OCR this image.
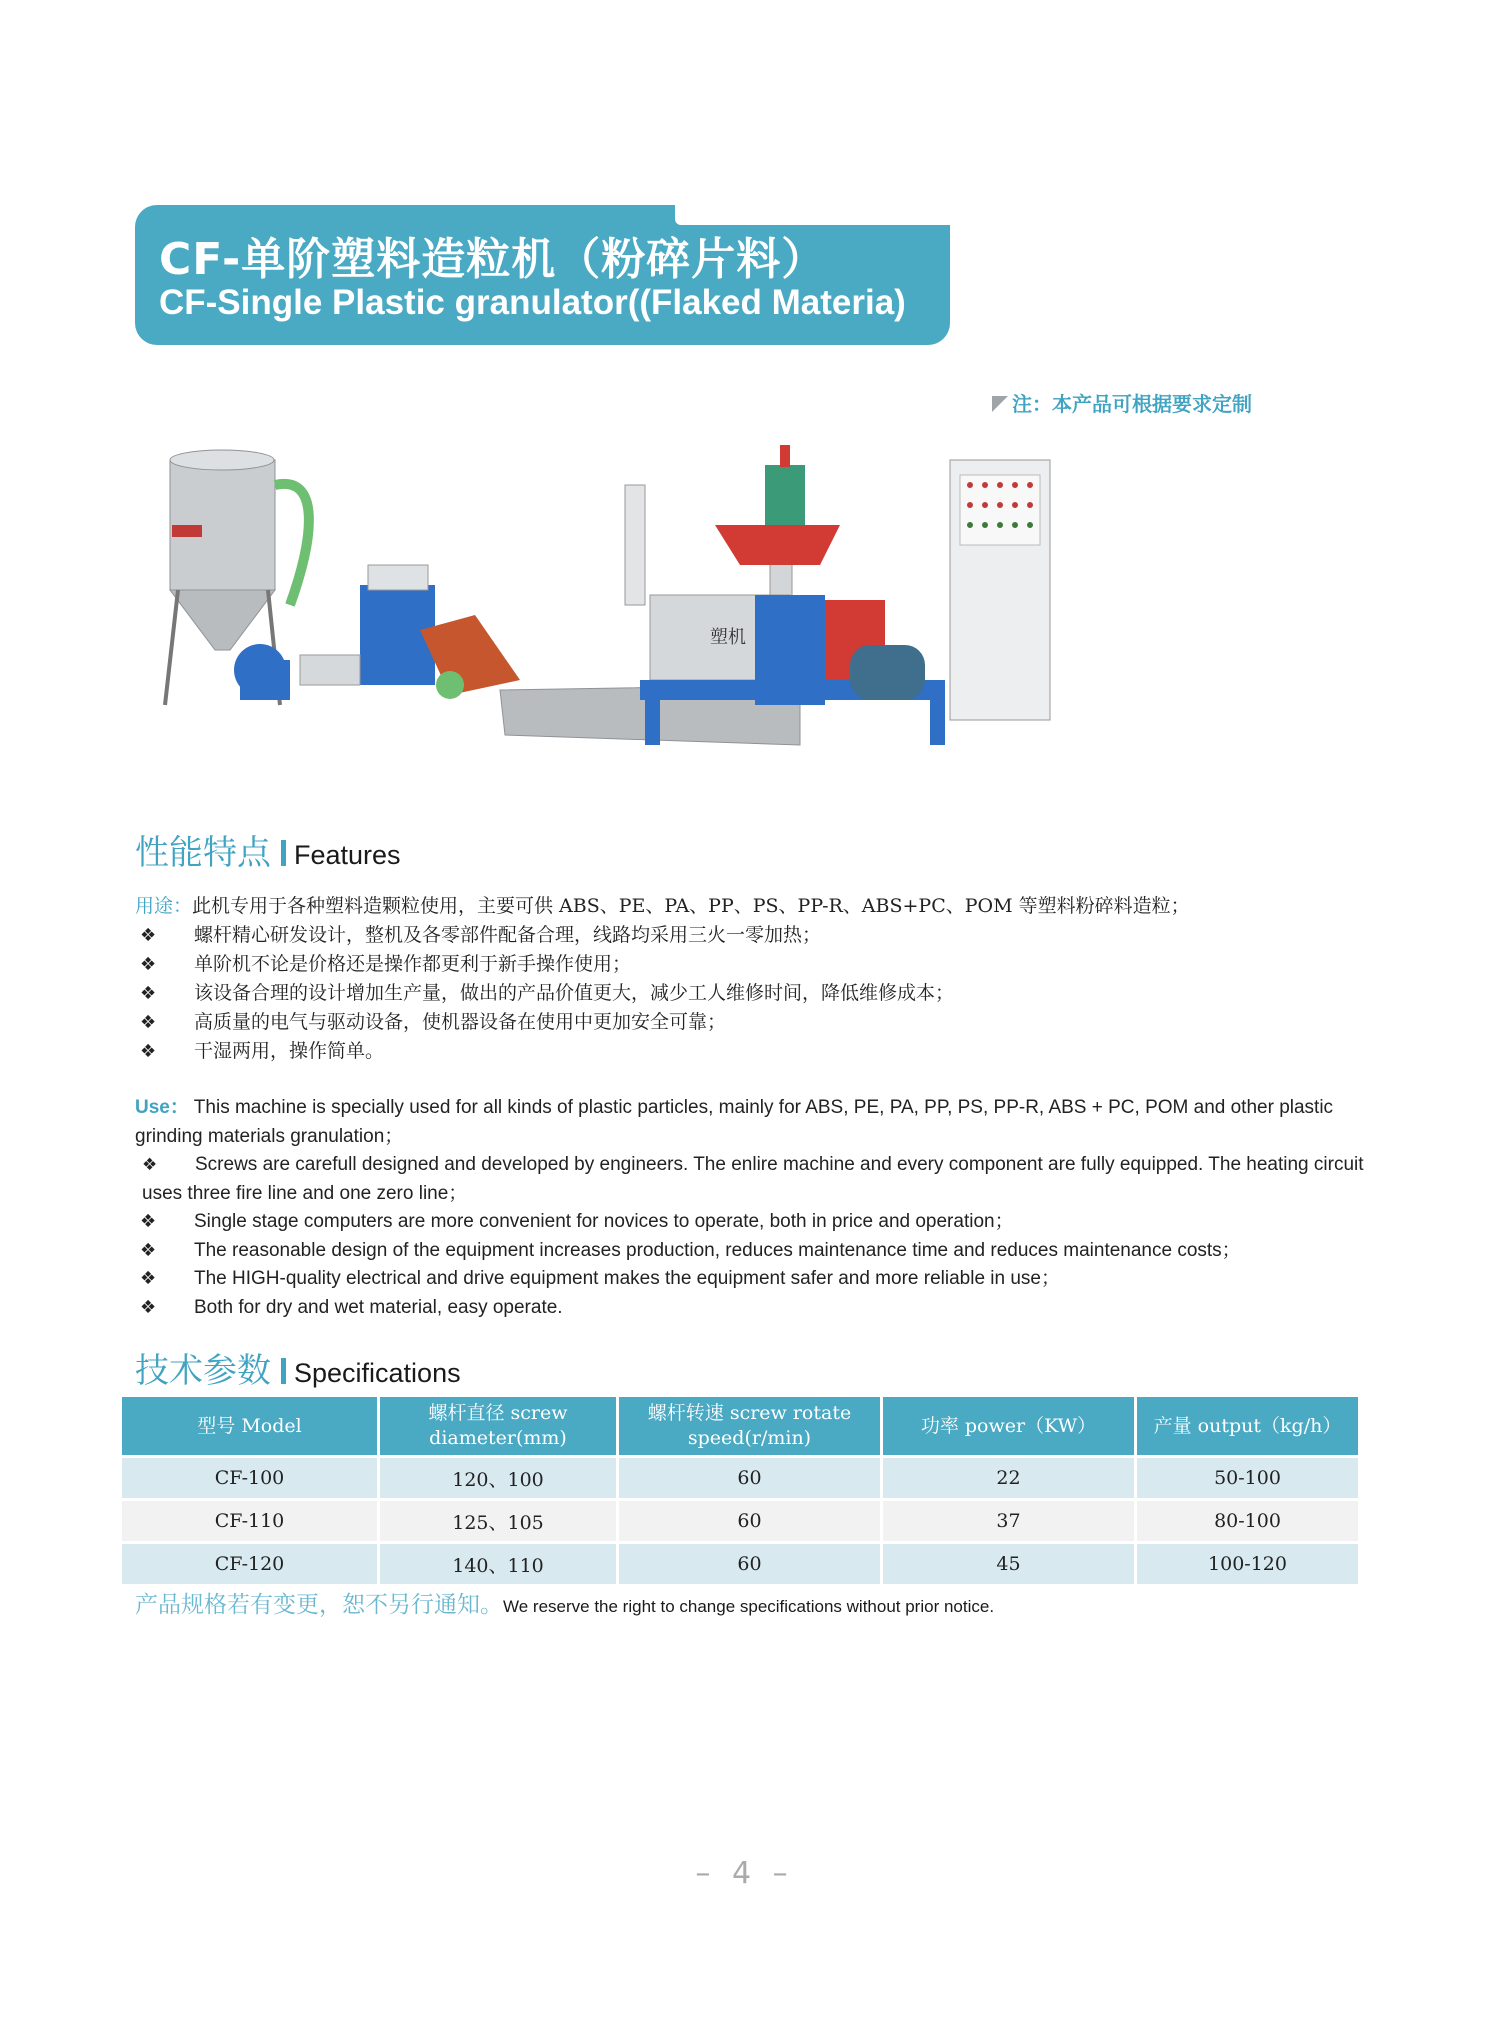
CF-单阶塑料造粒机（粉碎片料）
CF-Single Plastic granulator((Flaked Materia)
注：本产品可根据要求定制
塑机
性能特点 Features
用途：此机专用于各种塑料造颗粒使用，主要可供 ABS、PE、PA、PP、PS、PP-R、ABS+PC、POM 等塑料粉碎料造粒；
❖ 螺杆精心研发设计，整机及各零部件配备合理，线路均采用三火一零加热；
❖ 单阶机不论是价格还是操作都更利于新手操作使用；
❖ 该设备合理的设计增加生产量，做出的产品价值更大，减少工人维修时间，降低维修成本；
❖ 高质量的电气与驱动设备，使机器设备在使用中更加安全可靠；
❖ 干湿两用，操作简单。
Use： This machine is specially used for all kinds of plastic particles, mainly for ABS, PE, PA, PP, PS, PP-R, ABS + PC, POM and other plastic grinding materials granulation；
❖ Screws are carefull designed and developed by engineers. The enlire machine and every component are fully equipped. The heating circuit uses three fire line and one zero line；
❖ Single stage computers are more convenient for novices to operate, both in price and operation；
❖ The reasonable design of the equipment increases production, reduces maintenance time and reduces maintenance costs；
❖ The HIGH-quality electrical and drive equipment makes the equipment safer and more reliable in use；
❖ Both for dry and wet material, easy operate.
技术参数 Specifications
型号 Model	螺杆直径 screw diameter(mm)	螺杆转速 screw rotate speed(r/min)	功率 power（KW）	产量 output（kg/h）
CF-100	120、100	60	22	50-100
CF-110	125、105	60	37	80-100
CF-120	140、110	60	45	100-120
产品规格若有变更，恕不另行通知。We reserve the right to change specifications without prior notice.
– 4 –
